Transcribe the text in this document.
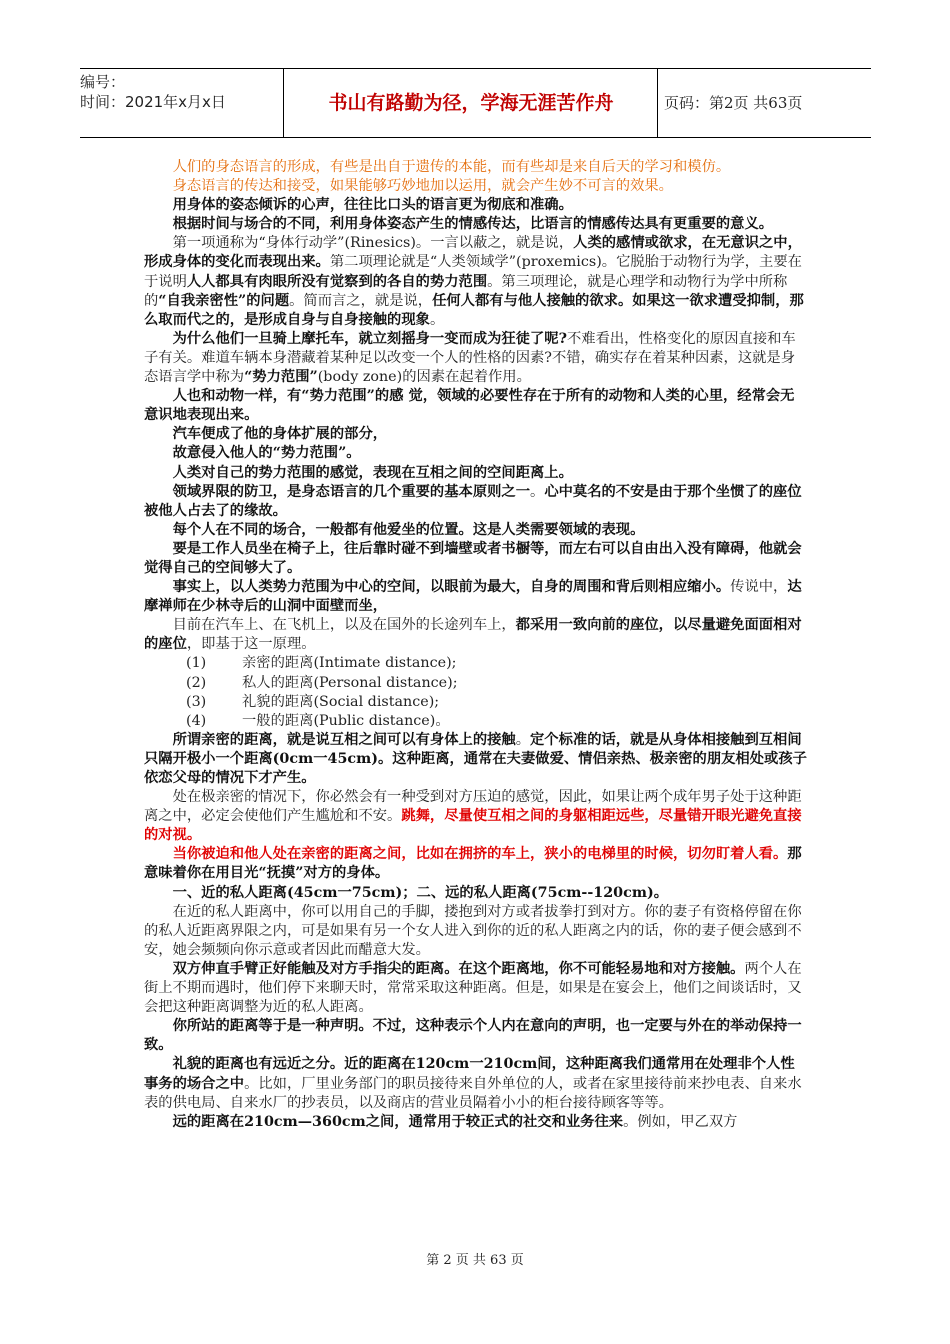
编号：
时间：2021年x月x日	书山有路勤为径，学海无涯苦作舟	页码：第2页 共63页

人们的身态语言的形成，有些是出自于遗传的本能，而有些却是来自后天的学习和模仿。

身态语言的传达和接受，如果能够巧妙地加以运用，就会产生妙不可言的效果。

用身体的姿态倾诉的心声，往往比口头的语言更为彻底和准确。

根据时间与场合的不同，利用身体姿态产生的情感传达，比语言的情感传达具有更重要的意义。

第一项通称为“身体行动学”(Rinesics)。一言以蔽之，就是说，人类的感情或欲求，在无意识之中，形成身体的变化而表现出来。第二项理论就是“人类领域学”(proxemics)。它脱胎于动物行为学，主要在于说明人人都具有肉眼所没有觉察到的各自的势力范围。第三项理论，就是心理学和动物行为学中所称的“自我亲密性”的问题。简而言之，就是说，任何人都有与他人接触的欲求。如果这一欲求遭受抑制，那么取而代之的，是形成自身与自身接触的现象。

为什么他们一旦骑上摩托车，就立刻摇身一变而成为狂徒了呢?不难看出，性格变化的原因直接和车子有关。难道车辆本身潜藏着某种足以改变一个人的性格的因素?不错，确实存在着某种因素，这就是身态语言学中称为“势力范围”(body zone)的因素在起着作用。

人也和动物一样，有“势力范围”的感 觉，领域的必要性存在于所有的动物和人类的心里，经常会无意识地表现出来。

汽车便成了他的身体扩展的部分，

故意侵入他人的“势力范围”。

人类对自己的势力范围的感觉，表现在互相之间的空间距离上。

领域界限的防卫，是身态语言的几个重要的基本原则之一。心中莫名的不安是由于那个坐惯了的座位被他人占去了的缘故。

每个人在不同的场合，一般都有他爱坐的位置。这是人类需要领域的表现。

要是工作人员坐在椅子上，往后靠时碰不到墙壁或者书橱等，而左右可以自由出入没有障碍，他就会觉得自己的空间够大了。

事实上，以人类势力范围为中心的空间，以眼前为最大，自身的周围和背后则相应缩小。传说中，达摩禅师在少林寺后的山洞中面壁而坐，

目前在汽车上、在飞机上，以及在国外的长途列车上，都采用一致向前的座位，以尽量避免面面相对的座位，即基于这一原理。

(1) 亲密的距离(Intimate distance);

(2) 私人的距离(Personal distance);

(3) 礼貌的距离(Social distance);

(4) 一般的距离(Public distance)。

所谓亲密的距离，就是说互相之间可以有身体上的接触。定个标准的话，就是从身体相接触到互相间只隔开极小一个距离(0cm一45cm)。这种距离，通常在夫妻做爱、情侣亲热、极亲密的朋友相处或孩子依恋父母的情况下才产生。

处在极亲密的情况下，你必然会有一种受到对方压迫的感觉，因此，如果让两个成年男子处于这种距离之中，必定会使他们产生尴尬和不安。跳舞，尽量使互相之间的身躯相距远些，尽量错开眼光避免直接的对视。

当你被迫和他人处在亲密的距离之间，比如在拥挤的车上，狭小的电梯里的时候，切勿盯着人看。那意味着你在用目光“抚摸”对方的身体。

一、近的私人距离(45cm一75cm)；二、远的私人距离(75cm--120cm)。

在近的私人距离中，你可以用自己的手脚，搂抱到对方或者拔拳打到对方。你的妻子有资格停留在你的私人近距离界限之内，可是如果有另一个女人进入到你的近的私人距离之内的话，你的妻子便会感到不安，她会频频向你示意或者因此而醋意大发。

双方伸直手臂正好能触及对方手指尖的距离。在这个距离地，你不可能轻易地和对方接触。两个人在街上不期而遇时，他们停下来聊天时，常常采取这种距离。但是，如果是在宴会上，他们之间谈话时，又会把这种距离调整为近的私人距离。

你所站的距离等于是一种声明。不过，这种表示个人内在意向的声明，也一定要与外在的举动保持一致。

礼貌的距离也有远近之分。近的距离在120cm一210cm间，这种距离我们通常用在处理非个人性事务的场合之中。比如，厂里业务部门的职员接待来自外单位的人，或者在家里接待前来抄电表、自来水表的供电局、自来水厂的抄表员，以及商店的营业员隔着小小的柜台接待顾客等等。

远的距离在210cm—360cm之间，通常用于较正式的社交和业务往来。例如，甲乙双方

第 2 页 共 63 页
